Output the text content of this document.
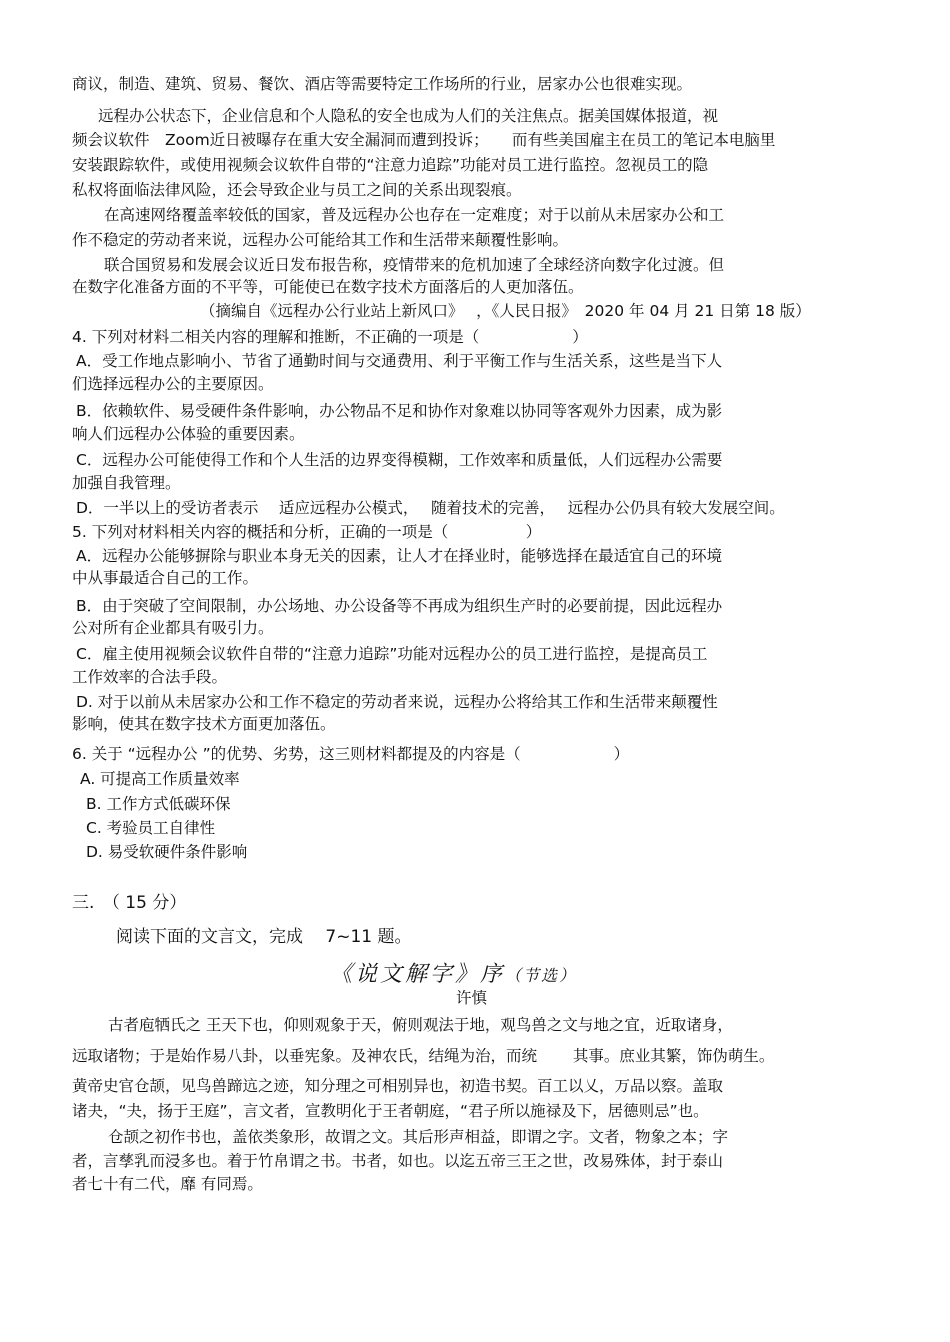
商议，制造、建筑、贸易、餐饮、酒店等需要特定工作场所的行业，居家办公也很难实现。
远程办公状态下，企业信息和个人隐私的安全也成为人们的关注焦点。据美国媒体报道，视
频会议软件　Zoom近日被曝存在重大安全漏洞而遭到投诉；　　而有些美国雇主在员工的笔记本电脑里
安装跟踪软件，或使用视频会议软件自带的“注意力追踪”功能对员工进行监控。忽视员工的隐
私权将面临法律风险，还会导致企业与员工之间的关系出现裂痕。
在高速网络覆盖率较低的国家，普及远程办公也存在一定难度；对于以前从未居家办公和工
作不稳定的劳动者来说，远程办公可能给其工作和生活带来颠覆性影响。
联合国贸易和发展会议近日发布报告称，疫情带来的危机加速了全球经济向数字化过渡。但
在数字化准备方面的不平等，可能使已在数字技术方面落后的人更加落伍。
（摘编自《远程办公行业站上新风口》　 ，《人民日报》　2020 年 04 月 21 日第 18 版）
4. 下列对材料二相关内容的理解和推断，不正确的一项是（　　　　　　）
A．受工作地点影响小、节省了通勤时间与交通费用、利于平衡工作与生活关系，这些是当下人
们选择远程办公的主要原因。
B．依赖软件、易受硬件条件影响，办公物品不足和协作对象难以协同等客观外力因素，成为影
响人们远程办公体验的重要因素。
C．远程办公可能使得工作和个人生活的边界变得模糊，工作效率和质量低，人们远程办公需要
加强自我管理。
D．一半以上的受访者表示　 适应远程办公模式，　 随着技术的完善，　 远程办公仍具有较大发展空间。
5. 下列对材料相关内容的概括和分析，正确的一项是（　　　　　）
A．远程办公能够摒除与职业本身无关的因素，让人才在择业时，能够选择在最适宜自己的环境
中从事最适合自己的工作。
B．由于突破了空间限制，办公场地、办公设备等不再成为组织生产时的必要前提，因此远程办
公对所有企业都具有吸引力。
C．雇主使用视频会议软件自带的“注意力追踪”功能对远程办公的员工进行监控，是提高员工
工作效率的合法手段。
D. 对于以前从未居家办公和工作不稳定的劳动者来说，远程办公将给其工作和生活带来颠覆性
影响，使其在数字技术方面更加落伍。
6. 关于 “远程办公 ”的优势、劣势，这三则材料都提及的内容是（　　　　　　）
A. 可提高工作质量效率
B. 工作方式低碳环保
C. 考验员工自律性
D. 易受软硬件条件影响
三.　（ 15 分）
阅读下面的文言文，完成　 7~11 题。
《说文解字》序（节选）
许慎
古者庖牺氏之 王天下也，仰则观象于天，俯则观法于地，观鸟兽之文与地之宜，近取诸身，
远取诸物；于是始作易八卦，以垂宪象。及神农氏，结绳为治，而统　　 其事。庶业其繁，饰伪萌生。
黄帝史官仓颉，见鸟兽蹄迒之迹，知分理之可相别异也，初造书契。百工以乂，万品以察。盖取
诸夬，“夬，扬于王庭”，言文者，宣教明化于王者朝庭，“君子所以施禄及下，居德则忌”也。
仓颉之初作书也，盖依类象形，故谓之文。其后形声相益，即谓之字。文者，物象之本；字
者，言孳乳而浸多也。着于竹帛谓之书。书者，如也。以迄五帝三王之世，改易殊体，封于泰山
者七十有二代，靡 有同焉。
